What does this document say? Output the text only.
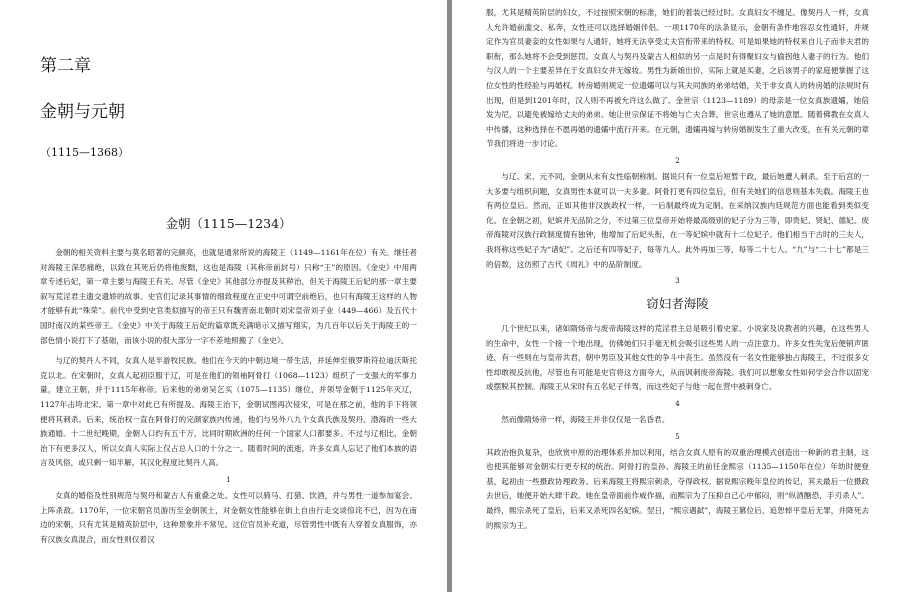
第二章
金朝与元朝
（1115—1368）
金朝（1115—1234）

金朝的相关资料主要与莫名昭著的完颜亮，也就是通常所说的海陵王（1149—1161年在位）有关。继任者对海陵王深恶痛绝，以致在其死后仍将他废黜，这也是海陵（其称帝前封号）只称“王”的原因。《金史》中用两章专述后妃，第一章主要与海陵王有关。尽管《金史》其他部分亦提及其秽治，但关于海陵王后妃的那一章主要叙写荒淫君主遗交遗娇的故事。史官们记录其事情的细致程度在正史中可谓空前绝后，也只有海陵王这样的人物才能够有此“殊荣”。前代中受到史官类似描写的帝王只有魏晋南北朝时刘宋皇帝刘子业（449—466）及五代十国时南汉的某些帝王。《金史》中关于海陵王后妃的篇章既充满暗示又描写翔实，为几百年以后关于海陵王的一部色情小说打下了基础，而该小说的很大部分一字不差地照搬了《金史》。

与辽的契丹人不同，女真人是半游牧民族。他们在今天的中朝边境一带生活，并延伸至俄罗斯符拉迪沃斯托克以北。在宋朝时，女真人起初臣服于辽，可是在他们的领袖阿骨打（1068—1123）组织了一支强大的军事力量，建立王朝，并于1115年称帝。后来他的弟弟吴乞买（1075—1135）继位，并领导金朝于1125年灭辽，1127年击垮北宋。第一章中对此已有所提及。海陵王治下，金朝试图再次侵宋，可是在那之前，他的手下将领便将其刺杀。后来，统治权一直在阿骨打的完颜家族内传递，他们与另外八九个女真氏族及契丹、渤海的一些大族通婚。十二世纪晚期，金朝人口约有五千万，比同时期欧洲的任何一个国家人口都要多。不过与辽相比，金朝治下有更多汉人，所以女真人实际上仅占总人口的十分之一。随着时间的流逝，许多女真人忘记了他们本族的语言及风俗，或只剩一知半解，其汉化程度比契丹人高。

1

女真的婚俗及性别规范与契丹和蒙古人有重叠之处。女性可以骑马、打猎、饮酒，并与男性一道参加宴会、上阵杀敌。1170年，一位宋朝官员游历至金朝领土，对金朝女性能够在街上自由行走交谈惊诧不已，因为在南边的宋朝，只有尤其是精英阶层中，这种景象并不常见。这位官员补充道，尽管男性中既有人穿着女真服饰，亦有汉族女真混合，而女性则仅着汉

服，尤其是精英阶层的妇女，不过按照宋朝的标准，她们的着装已经过时。女真妇女不缠足。像契丹人一样，女真人允许婚前滥交、私奔，女性还可以选择婚姻伴侣。一项1170年的法条显示，金朝有条件地容忍女性通奸，并规定作为官员妻妾的女性如果与人通奸，她将无法享受丈夫官衔带来的特权。可是如果她的特权来自儿子而非夫君的职衔，那么她将不会受到惩罚。女真人与契丹及蒙古人相似的另一点是时有得聚妇女与偷拐他人妻子的行为。他们与汉人的一个主要差异在于女真妇女并无嫁妆。男性为新娘出价，实际上就是买妻，之后该男子的家庭便掌握了这位女性的性经验与再婚权。转房婚则规定一位遗孀可以与其夫同族的弟弟结婚，关于非女真人的转房婚的法规时有出现，但是到1201年时，汉人则不再被允许这么做了。金世宗（1123—1189）的母亲是一位女真族遗孀，她倍发为尼，以避免被嫁给丈夫的弟弟。她让世宗保证不将她与亡夫合葬，世宗也遵从了她的意愿。随着佛教在女真人中传播，这种选择在不愿再婚的遗孀中流行开来。在元朝，遗孀再嫁与转房婚制发生了重大改变，在有关元朝的章节我们将进一步讨论。

2

与辽、宋、元不同，金朝从未有女性临朝称制。据说只有一位皇后短暂干政，最后她遭人刺杀。至于后宫的一大多要与组织问题，女真男性本就可以一夫多妻。阿骨打更有四位皇后，但有关她们的信息则基本失载。海陵王也有两位皇后。然而，正如其他非汉族政权一样，一后制最终成为定制。在采纳汉族内廷规范方面也能看到类似变化。在金朝之初，妃嫔并无品阶之分，不过第三位皇帝开始将最高级别的妃子分为三等，即贵妃、贤妃、德妃。废帝海陵对汉族行政制度情有独钟，他增加了后妃头衔，在一等妃嫔中就有十二位妃子。他们相当于古时的三夫人，我将称这些妃子为“诸妃”。之后还有四等妃子，每等九人。此外再加三等，每等二十七人。“九”与“二十七”都是三的倍数，这仿照了古代《周礼》中的品阶制度。

3
窃妇者海陵

几个世纪以来，诸如隋炀帝与废帝海陵这样的荒淫君主总是吸引着史家、小说家及说教者的兴趣，在这些男人的生命中，女性一个接一个地出现，仿佛她们只手毫无机会吸引这些男人的一点注意力。许多女性失宠后便销声匿迹，有一些则在与皇帝共君，朝中男臣及其他女性的争斗中丧生。虽然没有一名女性能够独占海陵王，不过很多女性却敢视反抗他，尽管也有可能是史官将这方面夸大，从而讽刺废帝海陵。我们可以想象女性如何学会合作以固宠或摆脱其控制。海陵王从宋时有五名妃子伴驾，而这些妃子与他一起在营中被刺身亡。

4

然而像隋炀帝一样，海陵王并非仅仅是一名昏君。

5

其政治抱负复杂，也欣赏中原的治理体系并加以利用，结合女真人原有的双重治理模式创造出一种新的君主制，这也使其能够对金朝实行更专权的统治。阿骨打的皇孙、海陵王的前任金熙宗（1135—1150年在位）年幼时便登基，起初由一些摄政协理政务。后来海陵王将熙宗刺杀，夺得政权。据说熙宗晚年皇位的传记，其夫最后一位摄政去世后，她便开始大肆干政。她在皇帝面前作威作福，而熙宗为了压抑自己心中郁闷，则“纵酒酗恐，手刃杀人”。最终，熙宗杀死了皇后，后来又杀死四名妃嫔。翌日，“熙宗遇弑”，海陵王篡位后，追恕悼平皇后无罪，并降死去的熙宗为王。
